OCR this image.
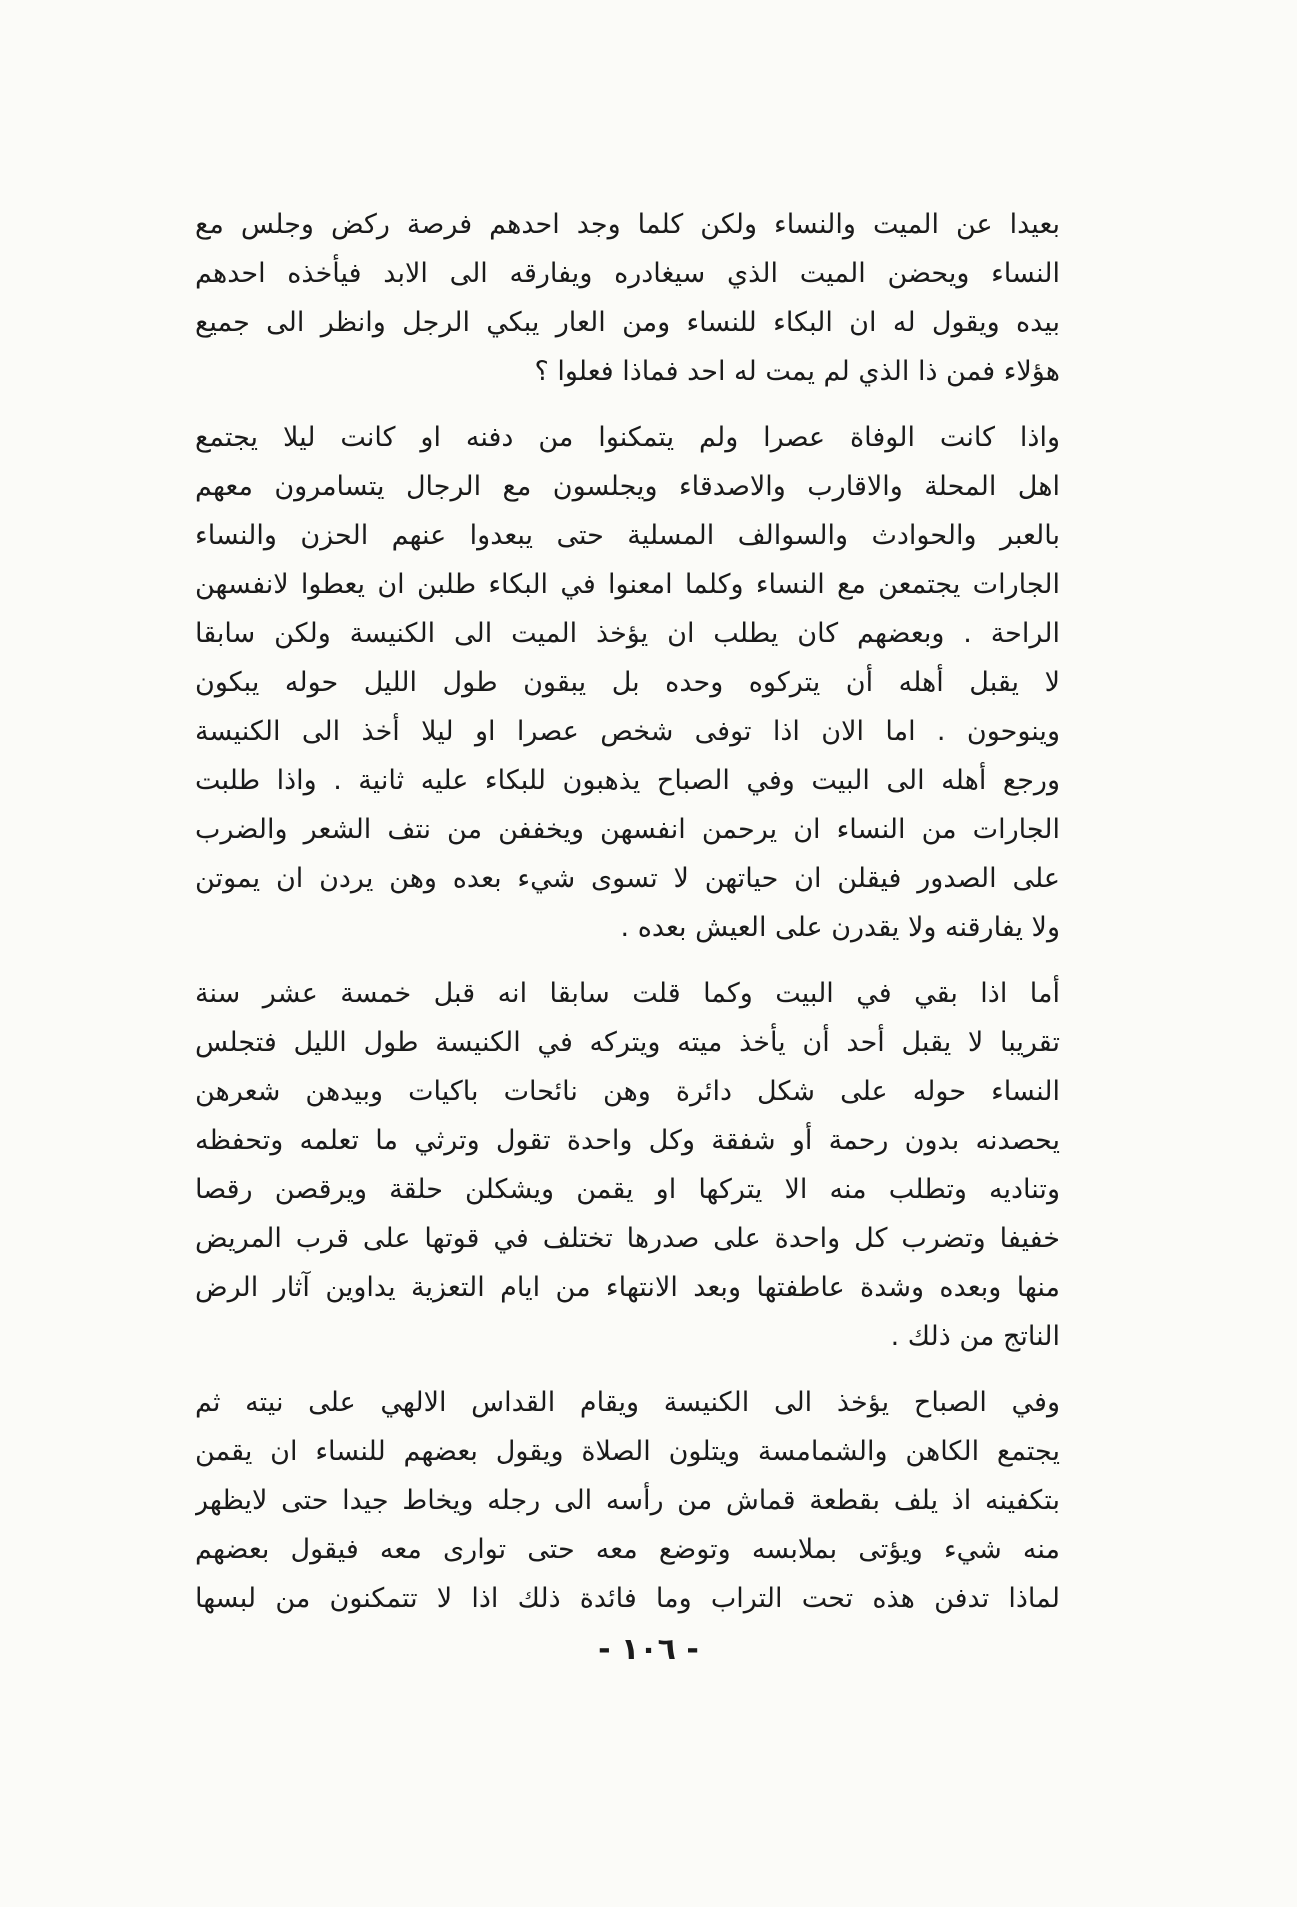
بعيدا عن الميت والنساء ولكن كلما وجد احدهم فرصة ركض وجلس مع
النساء ويحضن الميت الذي سيغادره ويفارقه الى الابد فيأخذه احدهم
بيده ويقول له ان البكاء للنساء ومن العار يبكي الرجل وانظر الى جميع
هؤلاء فمن ذا الذي لم يمت له احد فماذا فعلوا ؟
واذا كانت الوفاة عصرا ولم يتمكنوا من دفنه او كانت ليلا يجتمع
اهل المحلة والاقارب والاصدقاء ويجلسون مع الرجال يتسامرون معهم
بالعبر والحوادث والسوالف المسلية حتى يبعدوا عنهم الحزن والنساء
الجارات يجتمعن مع النساء وكلما امعنوا في البكاء طلبن ان يعطوا لانفسهن
الراحة . وبعضهم كان يطلب ان يؤخذ الميت الى الكنيسة ولكن سابقا
لا يقبل أهله أن يتركوه وحده بل يبقون طول الليل حوله يبكون
وينوحون . اما الان اذا توفى شخص عصرا او ليلا أخذ الى الكنيسة
ورجع أهله الى البيت وفي الصباح يذهبون للبكاء عليه ثانية . واذا طلبت
الجارات من النساء ان يرحمن انفسهن ويخففن من نتف الشعر والضرب
على الصدور فيقلن ان حياتهن لا تسوى شيء بعده وهن يردن ان يموتن
ولا يفارقنه ولا يقدرن على العيش بعده .
أما اذا بقي في البيت وكما قلت سابقا انه قبل خمسة عشر سنة
تقريبا لا يقبل أحد أن يأخذ ميته ويتركه في الكنيسة طول الليل فتجلس
النساء حوله على شكل دائرة وهن نائحات باكيات وبيدهن شعرهن
يحصدنه بدون رحمة أو شفقة وكل واحدة تقول وترثي ما تعلمه وتحفظه
وتناديه وتطلب منه الا يتركها او يقمن ويشكلن حلقة ويرقصن رقصا
خفيفا وتضرب كل واحدة على صدرها تختلف في قوتها على قرب المريض
منها وبعده وشدة عاطفتها وبعد الانتهاء من ايام التعزية يداوين آثار الرض
الناتج من ذلك .
وفي الصباح يؤخذ الى الكنيسة ويقام القداس الالهي على نيته ثم
يجتمع الكاهن والشمامسة ويتلون الصلاة ويقول بعضهم للنساء ان يقمن
بتكفينه اذ يلف بقطعة قماش من رأسه الى رجله ويخاط جيدا حتى لايظهر
منه شيء ويؤتى بملابسه وتوضع معه حتى توارى معه فيقول بعضهم
لماذا تدفن هذه تحت التراب وما فائدة ذلك اذا لا تتمكنون من لبسها
- ١٠٦ -
